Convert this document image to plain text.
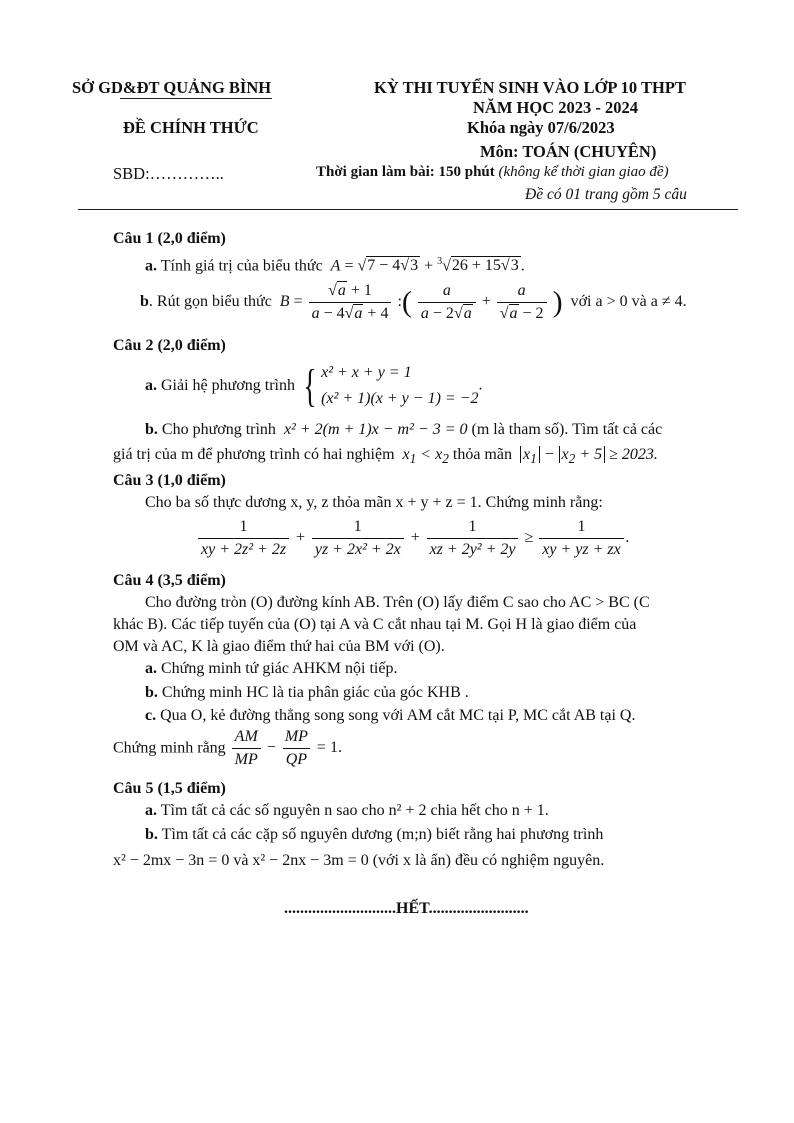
SỞ GD&ĐT QUẢNG BÌNH
ĐỀ CHÍNH THỨC
SBD:…………..
KỲ THI TUYỂN SINH VÀO LỚP 10 THPT
NĂM HỌC 2023 - 2024
Khóa ngày 07/6/2023
Môn: TOÁN (CHUYÊN)
Thời gian làm bài: 150 phút (không kể thời gian giao đề)
Đề có 01 trang gồm 5 câu
Câu 1 (2,0 điểm)
a. Tính giá trị của biểu thức  A = √7 − 4√3 + $^3$√26 + 15√3 .
b. Rút gọn biểu thức  $B = \frac{√a + 1}{a - 4√a + 4}$ :( $\frac{a}{a - 2√a} + \frac{a}{√a - 2}$ ) với a > 0 và a ≠ 4.
Câu 2 (2,0 điểm)
a. Giải hệ phương trình { x² + x + y = 1
(x² + 1)(x + y − 1) = −2
.
b. Cho phương trình  x² + 2(m + 1)x − m² − 3 = 0 (m là tham số). Tìm tất cả các
giá trị của m để phương trình có hai nghiệm  $x_1 < x_2$ thỏa mãn $x_1 - x_2 + 5 \ge 2023$.
Câu 3 (1,0 điểm)
Cho ba số thực dương x, y, z thỏa mãn x + y + z = 1. Chứng minh rằng:
$\frac{1}{\text{xy + 2z² + 2z}} + \frac{1}{\text{yz + 2x² + 2x}} + \frac{1}{\text{xz + 2y² + 2y}} \ge \frac{1}{xy + yz + zx}$ .
Câu 4 (3,5 điểm)
Cho đường tròn (O) đường kính AB. Trên (O) lấy điểm C sao cho AC > BC (C
khác B). Các tiếp tuyến của (O) tại A và C cắt nhau tại M. Gọi H là giao điểm của
OM và AC, K là giao điểm thứ hai của BM với (O).
a. Chứng minh tứ giác AHKM nội tiếp.
b. Chứng minh HC là tia phân giác của góc KHB .
c. Qua O, kẻ đường thẳng song song với AM cắt MC tại P, MC cắt AB tại Q.
Chứng minh rằng $\frac{AM}{MP} - \frac{MP}{QP} = 1$.
Câu 5 (1,5 điểm)
a. Tìm tất cả các số nguyên n sao cho n² + 2 chia hết cho n + 1.
b. Tìm tất cả các cặp số nguyên dương (m;n) biết rằng hai phương trình
x² − 2mx − 3n = 0 và x² − 2nx − 3m = 0 (với x là ẩn) đều có nghiệm nguyên.
............................HẾT.........................
